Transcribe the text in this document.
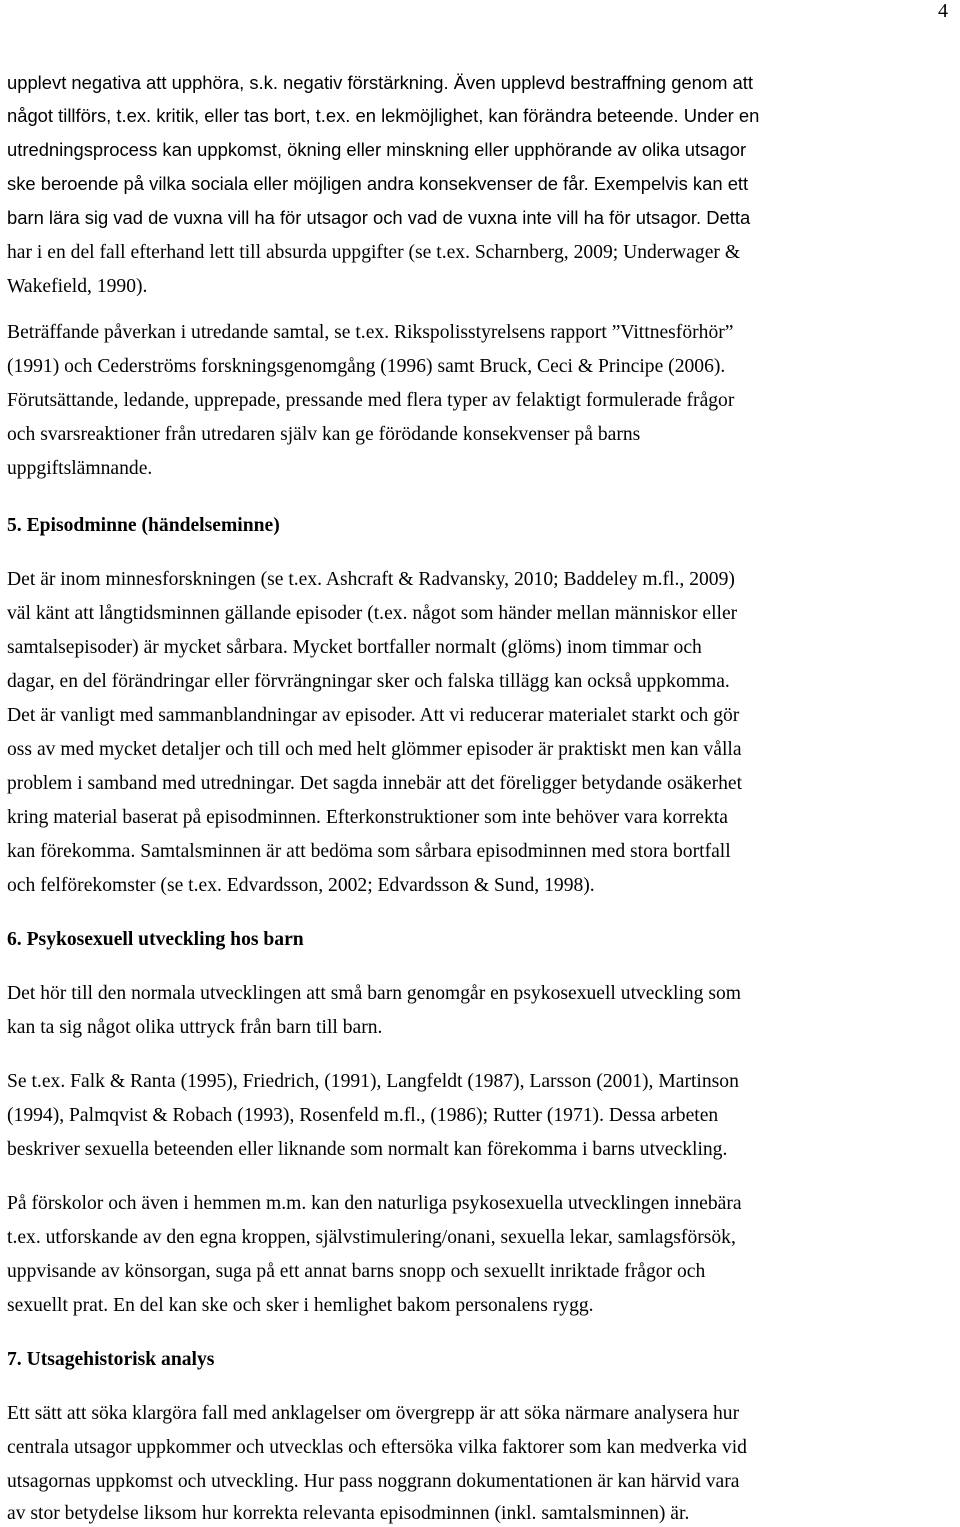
4
upplevt negativa att upphöra, s.k. negativ förstärkning. Även upplevd bestraffning genom att
något tillförs, t.ex. kritik, eller tas bort, t.ex. en lekmöjlighet, kan förändra beteende. Under en
utredningsprocess kan uppkomst, ökning eller minskning eller upphörande av olika utsagor
ske beroende på vilka sociala eller möjligen andra konsekvenser de får. Exempelvis kan ett
barn lära sig vad de vuxna vill ha för utsagor och vad de vuxna inte vill ha för utsagor. Detta
har i en del fall efterhand lett till absurda uppgifter (se t.ex. Scharnberg, 2009; Underwager &
Wakefield, 1990).
Beträffande påverkan i utredande samtal, se t.ex. Rikspolisstyrelsens rapport ”Vittnesförhör”
(1991) och Cederströms forskningsgenomgång (1996) samt Bruck, Ceci & Principe (2006).
Förutsättande, ledande, upprepade, pressande med flera typer av felaktigt formulerade frågor
och svarsreaktioner från utredaren själv kan ge förödande konsekvenser på barns
uppgiftslämnande.
5. Episodminne (händelseminne)
Det är inom minnesforskningen (se t.ex. Ashcraft & Radvansky, 2010; Baddeley m.fl., 2009)
väl känt att långtidsminnen gällande episoder (t.ex. något som händer mellan människor eller
samtalsepisoder) är mycket sårbara. Mycket bortfaller normalt (glöms) inom timmar och
dagar, en del förändringar eller förvrängningar sker och falska tillägg kan också uppkomma.
Det är vanligt med sammanblandningar av episoder. Att vi reducerar materialet starkt och gör
oss av med mycket detaljer och till och med helt glömmer episoder är praktiskt men kan vålla
problem i samband med utredningar. Det sagda innebär att det föreligger betydande osäkerhet
kring material baserat på episodminnen. Efterkonstruktioner som inte behöver vara korrekta
kan förekomma. Samtalsminnen är att bedöma som sårbara episodminnen med stora bortfall
och felförekomster (se t.ex. Edvardsson, 2002; Edvardsson & Sund, 1998).
6. Psykosexuell utveckling hos barn
Det hör till den normala utvecklingen att små barn genomgår en psykosexuell utveckling som
kan ta sig något olika uttryck från barn till barn.
Se t.ex. Falk & Ranta (1995), Friedrich, (1991), Langfeldt (1987), Larsson (2001), Martinson
(1994), Palmqvist & Robach (1993), Rosenfeld m.fl., (1986); Rutter (1971). Dessa arbeten
beskriver sexuella beteenden eller liknande som normalt kan förekomma i barns utveckling.
På förskolor och även i hemmen m.m. kan den naturliga psykosexuella utvecklingen innebära
t.ex. utforskande av den egna kroppen, självstimulering/onani, sexuella lekar, samlagsförsök,
uppvisande av könsorgan, suga på ett annat barns snopp och sexuellt inriktade frågor och
sexuellt prat. En del kan ske och sker i hemlighet bakom personalens rygg.
7. Utsagehistorisk analys
Ett sätt att söka klargöra fall med anklagelser om övergrepp är att söka närmare analysera hur
centrala utsagor uppkommer och utvecklas och eftersöka vilka faktorer som kan medverka vid
utsagornas uppkomst och utveckling. Hur pass noggrann dokumentationen är kan härvid vara
av stor betydelse liksom hur korrekta relevanta episodminnen (inkl. samtalsminnen) är.
